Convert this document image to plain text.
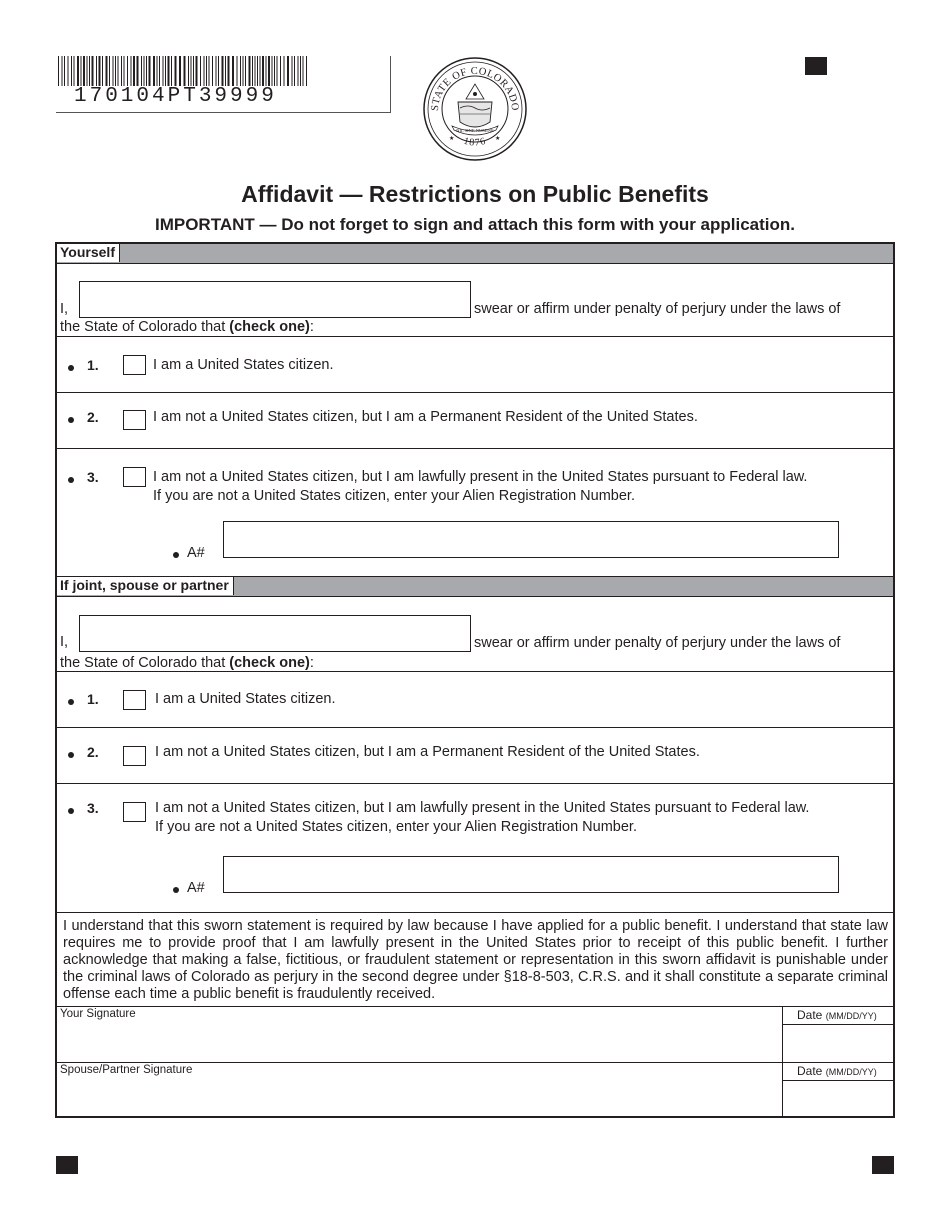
170104PT39999	STATE OF COLORADO
1876
NIL SINE NUMINE
★	★
Affidavit — Restrictions on Public Benefits
IMPORTANT — Do not forget to sign and attach this form with your application.
Yourself
I,	swear or affirm under penalty of perjury under the laws of
the State of Colorado that (check one):
1.	I am a United States citizen.
2.	I am not a United States citizen, but I am a Permanent Resident of the United States.
3.	I am not a United States citizen, but I am lawfully present in the United States pursuant to Federal law.
If you are not a United States citizen, enter your Alien Registration Number.
A#
If joint, spouse or partner
I,	swear or affirm under penalty of perjury under the laws of
the State of Colorado that (check one):
1.	I am a United States citizen.
2.	I am not a United States citizen, but I am a Permanent Resident of the United States.
3.	I am not a United States citizen, but I am lawfully present in the United States pursuant to Federal law.
If you are not a United States citizen, enter your Alien Registration Number.
A#
I understand that this sworn statement is required by law because I have applied for a public benefit. I understand that state law requires me to provide proof that I am lawfully present in the United States prior to receipt of this public benefit. I further acknowledge that making a false, fictitious, or fraudulent statement or representation in this sworn affidavit is punishable under the criminal laws of Colorado as perjury in the second degree under §18-8-503, C.R.S. and it shall constitute a separate criminal offense each time a public benefit is fraudulently received.
Your Signature	Date (MM/DD/YY)
Spouse/Partner Signature	Date (MM/DD/YY)
